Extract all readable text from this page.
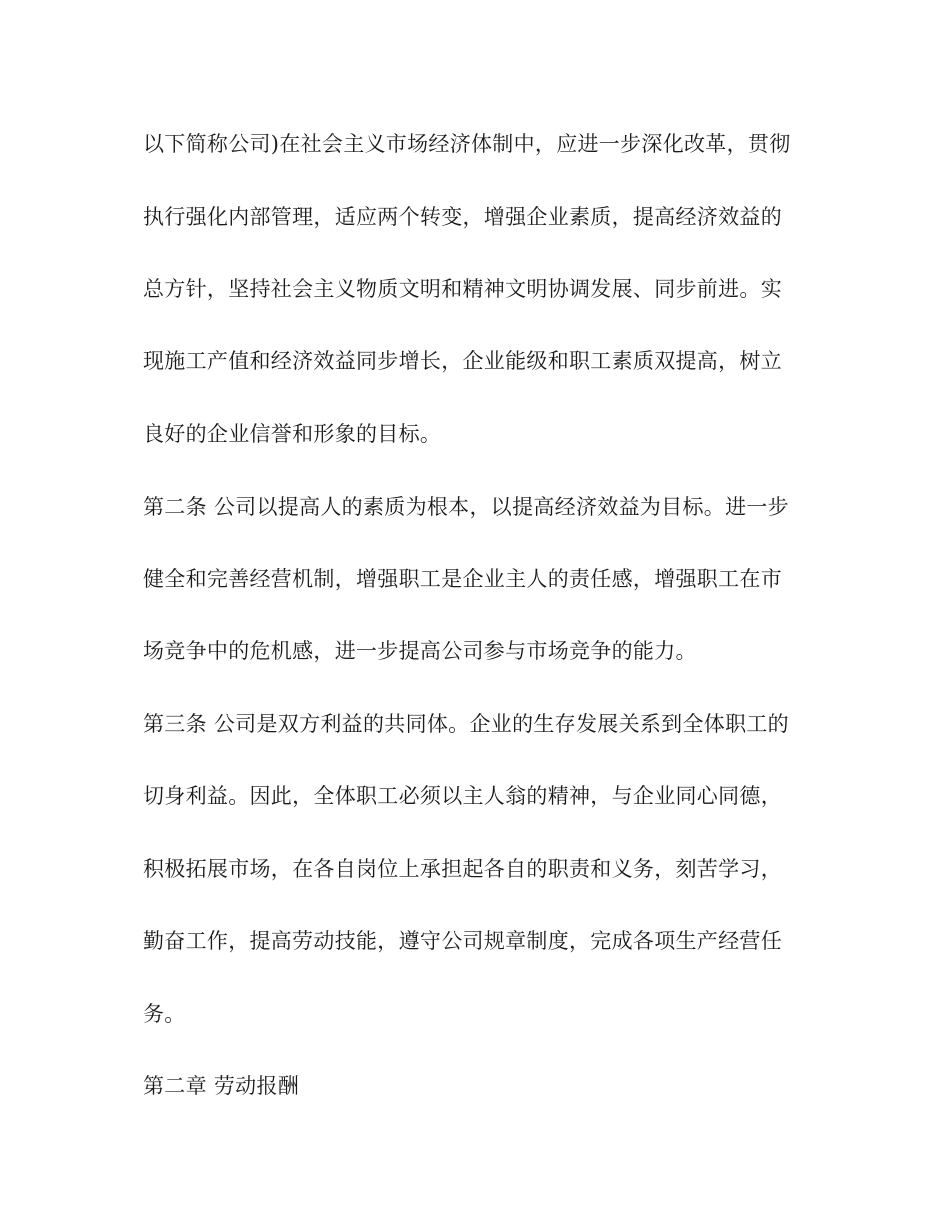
以下简称公司)在社会主义市场经济体制中，应进一步深化改革，贯彻
执行强化内部管理，适应两个转变，增强企业素质，提高经济效益的
总方针，坚持社会主义物质文明和精神文明协调发展、同步前进。实
现施工产值和经济效益同步增长，企业能级和职工素质双提高，树立
良好的企业信誉和形象的目标。
第二条 公司以提高人的素质为根本，以提高经济效益为目标。进一步
健全和完善经营机制，增强职工是企业主人的责任感，增强职工在市
场竞争中的危机感，进一步提高公司参与市场竞争的能力。
第三条 公司是双方利益的共同体。企业的生存发展关系到全体职工的
切身利益。因此，全体职工必须以主人翁的精神，与企业同心同德，
积极拓展市场，在各自岗位上承担起各自的职责和义务，刻苦学习，
勤奋工作，提高劳动技能，遵守公司规章制度，完成各项生产经营任
务。
第二章 劳动报酬
